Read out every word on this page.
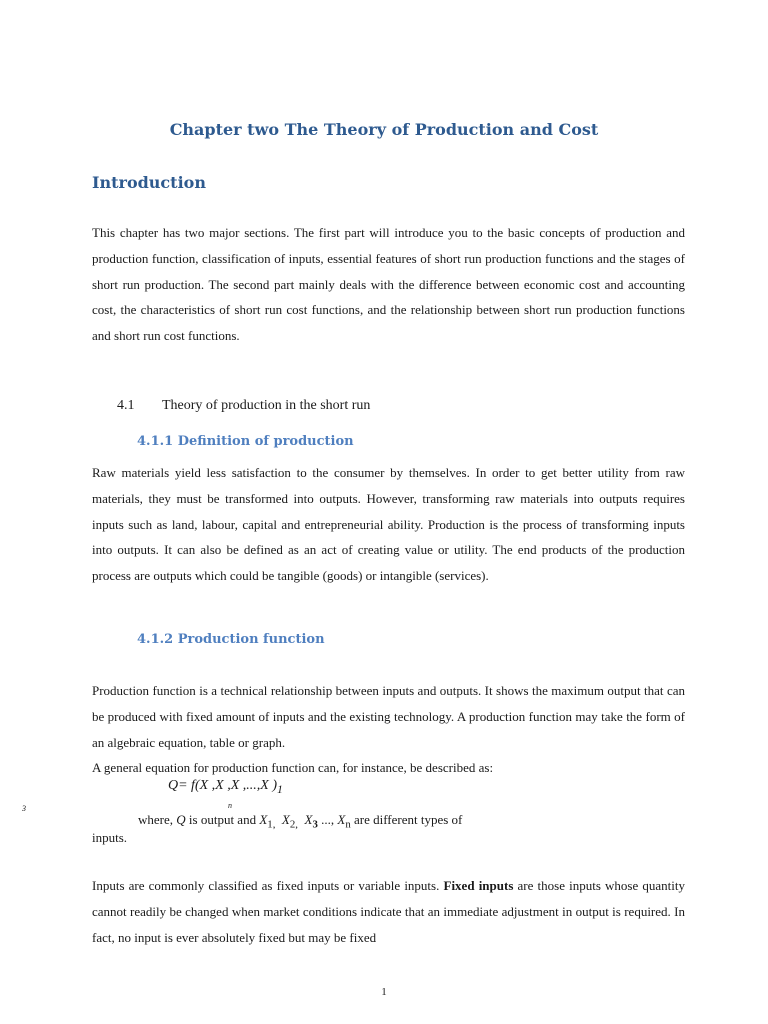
Chapter two The Theory of Production and Cost
Introduction

This chapter has two major sections. The first part will introduce you to the basic concepts of production and production function, classification of inputs, essential features of short run production functions and the stages of short run production. The second part mainly deals with the difference between economic cost and accounting cost, the characteristics of short run cost functions, and the relationship between short run production functions and short run cost functions.

4.1 Theory of production in the short run
4.1.1 Definition of production

Raw materials yield less satisfaction to the consumer by themselves. In order to get better utility from raw materials, they must be transformed into outputs. However, transforming raw materials into outputs requires inputs such as land, labour, capital and entrepreneurial ability. Production is the process of transforming inputs into outputs. It can also be defined as an act of creating value or utility. The end products of the production process are outputs which could be tangible (goods) or intangible (services).

4.1.2 Production function
Production function is a technical relationship between inputs and outputs. It shows the maximum output that can be produced with fixed amount of inputs and the existing technology. A production function may take the form of an algebraic equation, table or graph.
A general equation for production function can, for instance, be described as:

Q= f(X ,X ,X ,...,X )$_1$

3	n

where, Q is output and $X_{1,}$ $X_{2,}$ $X_3$ ..., $X_n$ are different types of

inputs.

Inputs are commonly classified as fixed inputs or variable inputs. Fixed inputs are those inputs whose quantity cannot readily be changed when market conditions indicate that an immediate adjustment in output is required. In fact, no input is ever absolutely fixed but may be fixed

1
